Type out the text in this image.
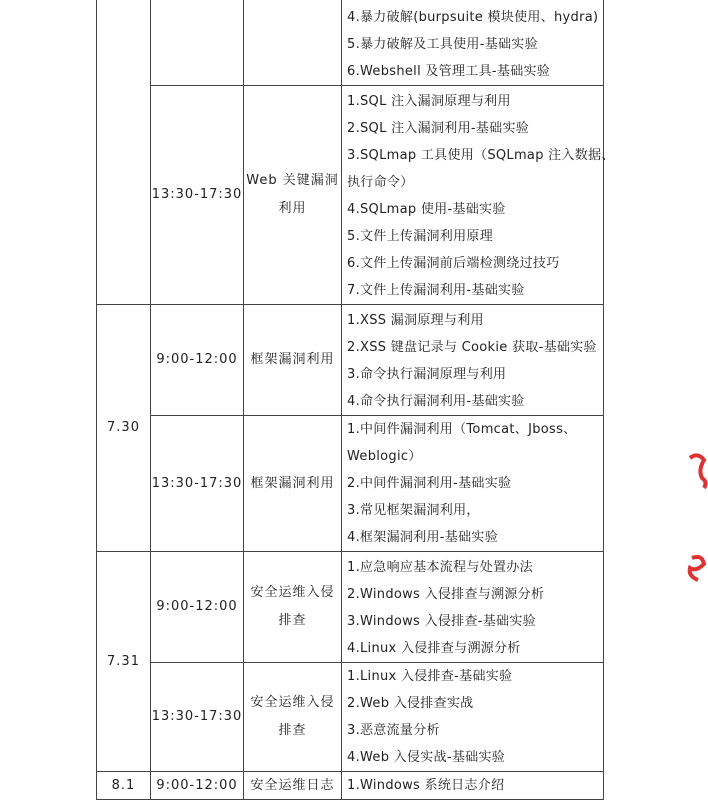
4.暴力破解(burpsuite 模块使用、hydra)
5.暴力破解及工具使用-基础实验
6.Webshell 及管理工具-基础实验
13:30-17:30
Web 关键漏洞
利用
1.SQL 注入漏洞原理与利用
2.SQL 注入漏洞利用-基础实验
3.SQLmap 工具使用（SQLmap 注入数据、
执行命令）
4.SQLmap 使用-基础实验
5.文件上传漏洞利用原理
6.文件上传漏洞前后端检测绕过技巧
7.文件上传漏洞利用-基础实验
7.30
9:00-12:00 框架漏洞利用
1.XSS 漏洞原理与利用
2.XSS 键盘记录与 Cookie 获取-基础实验
3.命令执行漏洞原理与利用
4.命令执行漏洞利用-基础实验
13:30-17:30 框架漏洞利用
1.中间件漏洞利用（Tomcat、Jboss、
Weblogic）
2.中间件漏洞利用-基础实验
3.常见框架漏洞利用，
4.框架漏洞利用-基础实验
7.31
9:00-12:00
安全运维入侵
排查
1.应急响应基本流程与处置办法
2.Windows 入侵排查与溯源分析
3.Windows 入侵排查-基础实验
4.Linux 入侵排查与溯源分析
13:30-17:30
安全运维入侵
排查
1.Linux 入侵排查-基础实验
2.Web 入侵排查实战
3.恶意流量分析
4.Web 入侵实战-基础实验
8.1	9:00-12:00 安全运维日志 1.Windows 系统日志介绍
